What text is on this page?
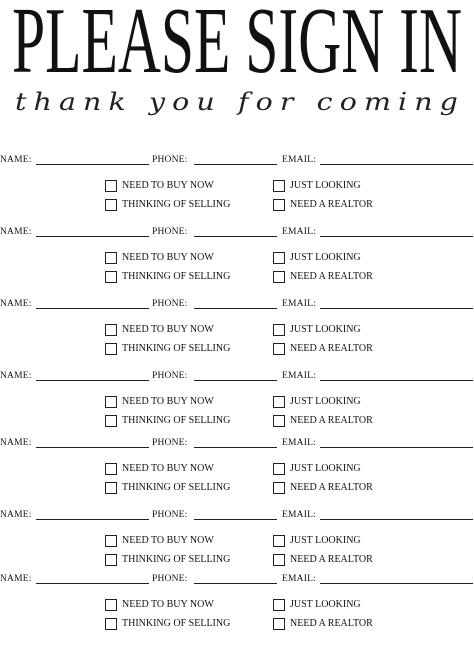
PLEASE SIGN IN
thank you for coming
NAME:	PHONE:	EMAIL:
NEED TO BUY NOW
THINKING OF SELLING
JUST LOOKING
NEED A REALTOR
NAME:	PHONE:	EMAIL:
NEED TO BUY NOW
THINKING OF SELLING
JUST LOOKING
NEED A REALTOR
NAME:	PHONE:	EMAIL:
NEED TO BUY NOW
THINKING OF SELLING
JUST LOOKING
NEED A REALTOR
NAME:	PHONE:	EMAIL:
NEED TO BUY NOW
THINKING OF SELLING
JUST LOOKING
NEED A REALTOR
NAME:	PHONE:	EMAIL:
NEED TO BUY NOW
THINKING OF SELLING
JUST LOOKING
NEED A REALTOR
NAME:	PHONE:	EMAIL:
NEED TO BUY NOW
THINKING OF SELLING
JUST LOOKING
NEED A REALTOR
NAME:	PHONE:	EMAIL:
NEED TO BUY NOW
THINKING OF SELLING
JUST LOOKING
NEED A REALTOR
